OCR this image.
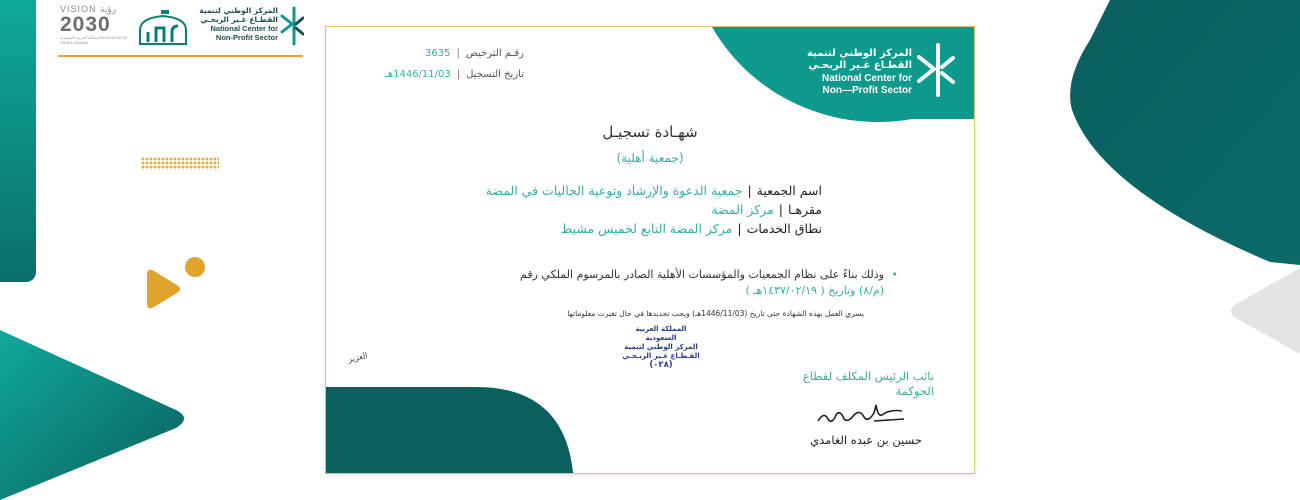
VISION رؤية
2030
المملكة العربية السعودية KINGDOM OF SAUDI ARABIA
المركز الوطني لتنمية
القطـاع غـير الربحـي
National Center for
Non-Profit Sector
المركز الوطني لتنمية
القطـاع غـير الربحـي
National Center for
Non—Profit Sector
رقـم الترخيص|3635
تاريخ التسجيل|1446/11/03هـ
شهـادة تسجيـل
(جمعية أهلية)
اسم الجمعية|جمعية الدعوة والإرشاد وتوعية الجاليات في المضة
مقرهـا|مركز المضة
نطاق الخدمات|مركز المضة التابع لخميس مشيط
•
وذلك بناءً على نظام الجمعيات والمؤسسات الأهلية الصادر بالمرسوم الملكي رقم
(م/٨) وتاريخ ( ١٤٣٧/٠٢/١٩هـ )
يسري العمل بهذه الشهادة حتى تاريخ (1446/11/03هـ) ويجب تجديدها في حال تغيرت معلوماتها
المملكة العربية السعودية
المركز الوطني لتنمية
القـطـاع غـير الربـحـي
(٠٢٨)
العزيز
نائب الرئيس المكلف لقطاع الحوكمة
حسين بن عبده الغامدي
